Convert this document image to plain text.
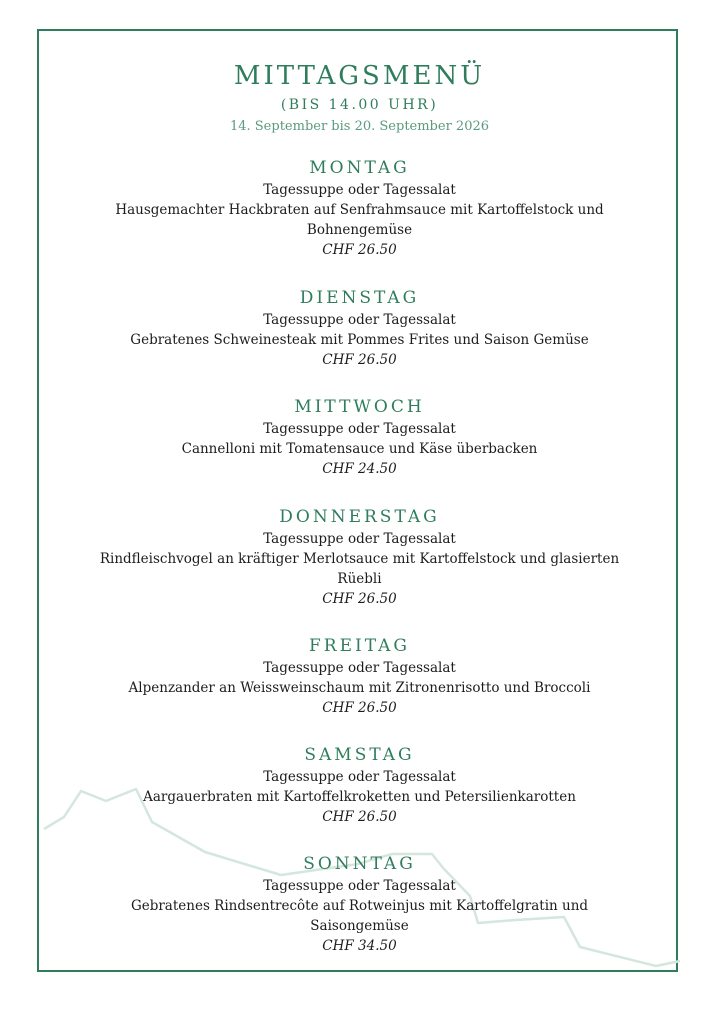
MITTAGSMENÜ
(BIS 14.00 UHR)
14. September bis 20. September 2026
MONTAG
Tagessuppe oder Tagessalat
Hausgemachter Hackbraten auf Senfrahmsauce mit Kartoffelstock und
Bohnengemüse
CHF 26.50
DIENSTAG
Tagessuppe oder Tagessalat
Gebratenes Schweinesteak mit Pommes Frites und Saison Gemüse
CHF 26.50
MITTWOCH
Tagessuppe oder Tagessalat
Cannelloni mit Tomatensauce und Käse überbacken
CHF 24.50
DONNERSTAG
Tagessuppe oder Tagessalat
Rindfleischvogel an kräftiger Merlotsauce mit Kartoffelstock und glasierten
Rüebli
CHF 26.50
FREITAG
Tagessuppe oder Tagessalat
Alpenzander an Weissweinschaum mit Zitronenrisotto und Broccoli
CHF 26.50
SAMSTAG
Tagessuppe oder Tagessalat
Aargauerbraten mit Kartoffelkroketten und Petersilienkarotten
CHF 26.50
SONNTAG
Tagessuppe oder Tagessalat
Gebratenes Rindsentrecôte auf Rotweinjus mit Kartoffelgratin und
Saisongemüse
CHF 34.50
